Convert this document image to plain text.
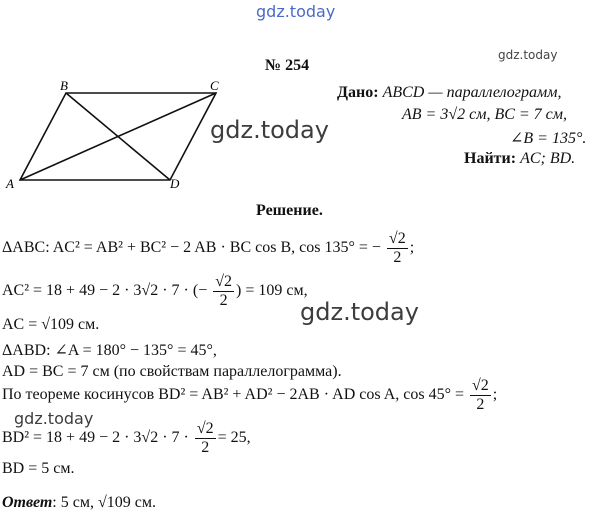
gdz.today
gdz.today
№ 254
A
B	C
D
gdz.today
Дано: ABCD — параллелограмм,
AB = 3√2 см, BC = 7 см,
∠B = 135°.
Найти: AC; BD.
Решение.
ΔABC: AC² = AB² + BC² − 2 AB · BC cos B, cos 135° = − $\frac{√2}{2}$ ;
AC² = 18 + 49 − 2 · 3√2 · 7 · (− $\frac{√2}{2}$ ) = 109 см,
gdz.today
AC = √109 см.
ΔABD: ∠A = 180° − 135° = 45°,
AD = BC = 7 см (по свойствам параллелограмма).
По теореме косинусов BD² = AB² + AD² − 2AB · AD cos A, $\cos 45^\circ = \frac{√2}{2}$ ;
gdz.today
$BD^2 = 18 + 49 - 2 \cdot 3√2 \cdot 7 \cdot \frac{√2}{2} = 25$,
BD = 5 см.
Ответ: 5 см, √109 см.
